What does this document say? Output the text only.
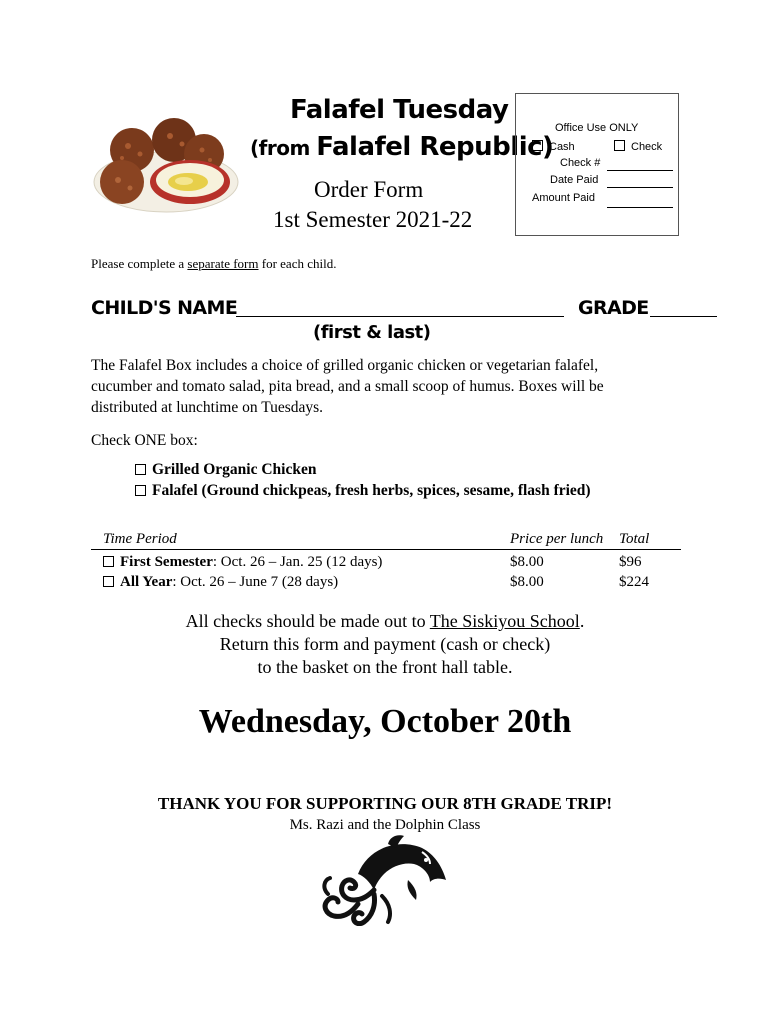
Falafel Tuesday
(from Falafel Republic)
Order Form
1st Semester 2021-22
Office Use ONLY
Cash	Check
Check #
Date Paid
Amount Paid
Please complete a separate form for each child.
CHILD'S NAME	GRADE
(first & last)
The Falafel Box includes a choice of grilled organic chicken or vegetarian falafel,
cucumber and tomato salad, pita bread, and a small scoop of humus. Boxes will be
distributed at lunchtime on Tuesdays.
Check ONE box:
Grilled Organic Chicken
Falafel (Ground chickpeas, fresh herbs, spices, sesame, flash fried)
Time Period	Price per lunch Total
First Semester: Oct. 26 – Jan. 25 (12 days)	$8.00	$96
All Year: Oct. 26 – June 7 (28 days)	$8.00	$224
All checks should be made out to The Siskiyou School.
Return this form and payment (cash or check)
to the basket on the front hall table.
Wednesday, October 20th
THANK YOU FOR SUPPORTING OUR 8TH GRADE TRIP!
Ms. Razi and the Dolphin Class
